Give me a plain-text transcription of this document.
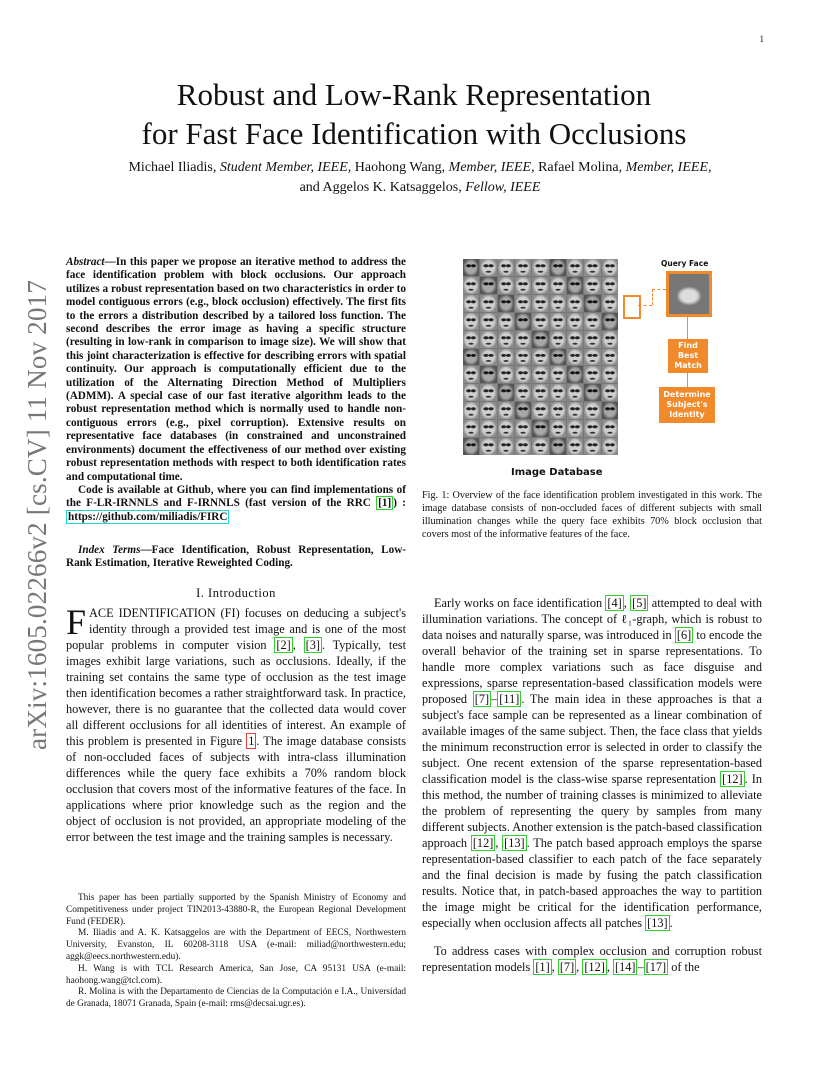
1
arXiv:1605.02266v2 [cs.CV] 11 Nov 2017
Robust and Low-Rank Representation
for Fast Face Identification with Occlusions
Michael Iliadis, Student Member, IEEE, Haohong Wang, Member, IEEE, Rafael Molina, Member, IEEE,
and Aggelos K. Katsaggelos, Fellow, IEEE
Abstract—In this paper we propose an iterative method to address the face identification problem with block occlusions. Our approach utilizes a robust representation based on two characteristics in order to model contiguous errors (e.g., block occlusion) effectively. The first fits to the errors a distribution described by a tailored loss function. The second describes the error image as having a specific structure (resulting in low-rank in comparison to image size). We will show that this joint characterization is effective for describing errors with spatial continuity. Our approach is computationally efficient due to the utilization of the Alternating Direction Method of Multipliers (ADMM). A special case of our fast iterative algorithm leads to the robust representation method which is normally used to handle non-contiguous errors (e.g., pixel corruption). Extensive results on representative face databases (in constrained and unconstrained environments) document the effectiveness of our method over existing robust representation methods with respect to both identification rates and computational time.
Code is available at Github, where you can find implementations of the F-LR-IRNNLS and F-IRNNLS (fast version of the RRC [1] ) : https://github.com/miliadis/FIRC
Index Terms—Face Identification, Robust Representation, Low-Rank Estimation, Iterative Reweighted Coding.
I. Introduction
FACE IDENTIFICATION (FI) focuses on deducing a subject's identity through a provided test image and is one of the most popular problems in computer vision [2] , [3] . Typically, test images exhibit large variations, such as occlusions. Ideally, if the training set contains the same type of occlusion as the test image then identification becomes a rather straightforward task. In practice, however, there is no guarantee that the collected data would cover all different occlusions for all identities of interest. An example of this problem is presented in Figure 1 . The image database consists of non-occluded faces of subjects with intra-class illumination differences while the query face exhibits a 70% random block occlusion that covers most of the informative features of the face. In applications where prior knowledge such as the region and the object of occlusion is not provided, an appropriate modeling of the error between the test image and the training samples is necessary.

This paper has been partially supported by the Spanish Ministry of Economy and Competitiveness under project TIN2013-43880-R, the European Regional Development Fund (FEDER).

M. Iliadis and A. K. Katsaggelos are with the Department of EECS, Northwestern University, Evanston, IL 60208-3118 USA (e-mail: miliad@northwestern.edu; aggk@eecs.northwestern.edu).

H. Wang is with TCL Research America, San Jose, CA 95131 USA (e-mail: haohong.wang@tcl.com).

R. Molina is with the Departamento de Ciencias de la Computación e I.A., Universidad de Granada, 18071 Granada, Spain (e-mail: rms@decsai.ugr.es).

Query Face
Find Best Match
Determine Subject's Identity
Image Database
Fig. 1: Overview of the face identification problem investigated in this work. The image database consists of non-occluded faces of different subjects with small illumination changes while the query face exhibits 70% block occlusion that covers most of the informative features of the face.

Early works on face identification [4] , [5] attempted to deal with illumination variations. The concept of ℓ₁-graph, which is robust to data noises and naturally sparse, was introduced in [6] to encode the overall behavior of the training set in sparse representations. To handle more complex variations such as face disguise and expressions, sparse representation-based classification models were proposed [7] – [11] . The main idea in these approaches is that a subject's face sample can be represented as a linear combination of available images of the same subject. Then, the face class that yields the minimum reconstruction error is selected in order to classify the subject. One recent extension of the sparse representation-based classification model is the class-wise sparse representation [12] . In this method, the number of training classes is minimized to alleviate the problem of representing the query by samples from many different subjects. Another extension is the patch-based classification approach [12] , [13] . The patch based approach employs the sparse representation-based classifier to each patch of the face separately and the final decision is made by fusing the patch classification results. Notice that, in patch-based approaches the way to partition the image might be critical for the identification performance, especially when occlusion affects all patches [13] .

To address cases with complex occlusion and corruption robust representation models [1] , [7] , [12] , [14] – [17] of the
